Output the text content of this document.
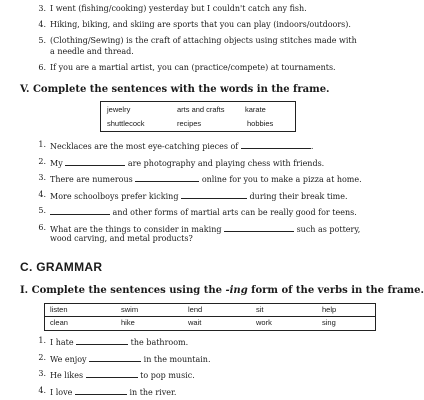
3. I went (fishing/cooking) yesterday but I couldn't catch any fish.
4. Hiking, biking, and skiing are sports that you can play (indoors/outdoors).
5. (Clothing/Sewing) is the craft of attaching objects using stitches made with
a needle and thread.
6. If you are a martial artist, you can (practice/compete) at tournaments.
V. Complete the sentences with the words in the frame.
jewelry	arts and crafts	karate
shuttlecock	recipes	hobbies
1. Necklaces are the most eye-catching pieces of	.
2. My	are photography and playing chess with friends.
3. There are numerous	online for you to make a pizza at home.
4. More schoolboys prefer kicking	during their break time.
5.	and other forms of martial arts can be really good for teens.
6. What are the things to consider in making	such as pottery,
wood carving, and metal products?
C. GRAMMAR
I. Complete the sentences using the -ing form of the verbs in the frame.
listen	swim	lend	sit	help
clean	hike	wait	work	sing
1. I hate	the bathroom.
2. We enjoy	in the mountain.
3. He likes	to pop music.
4. I love	in the river.
